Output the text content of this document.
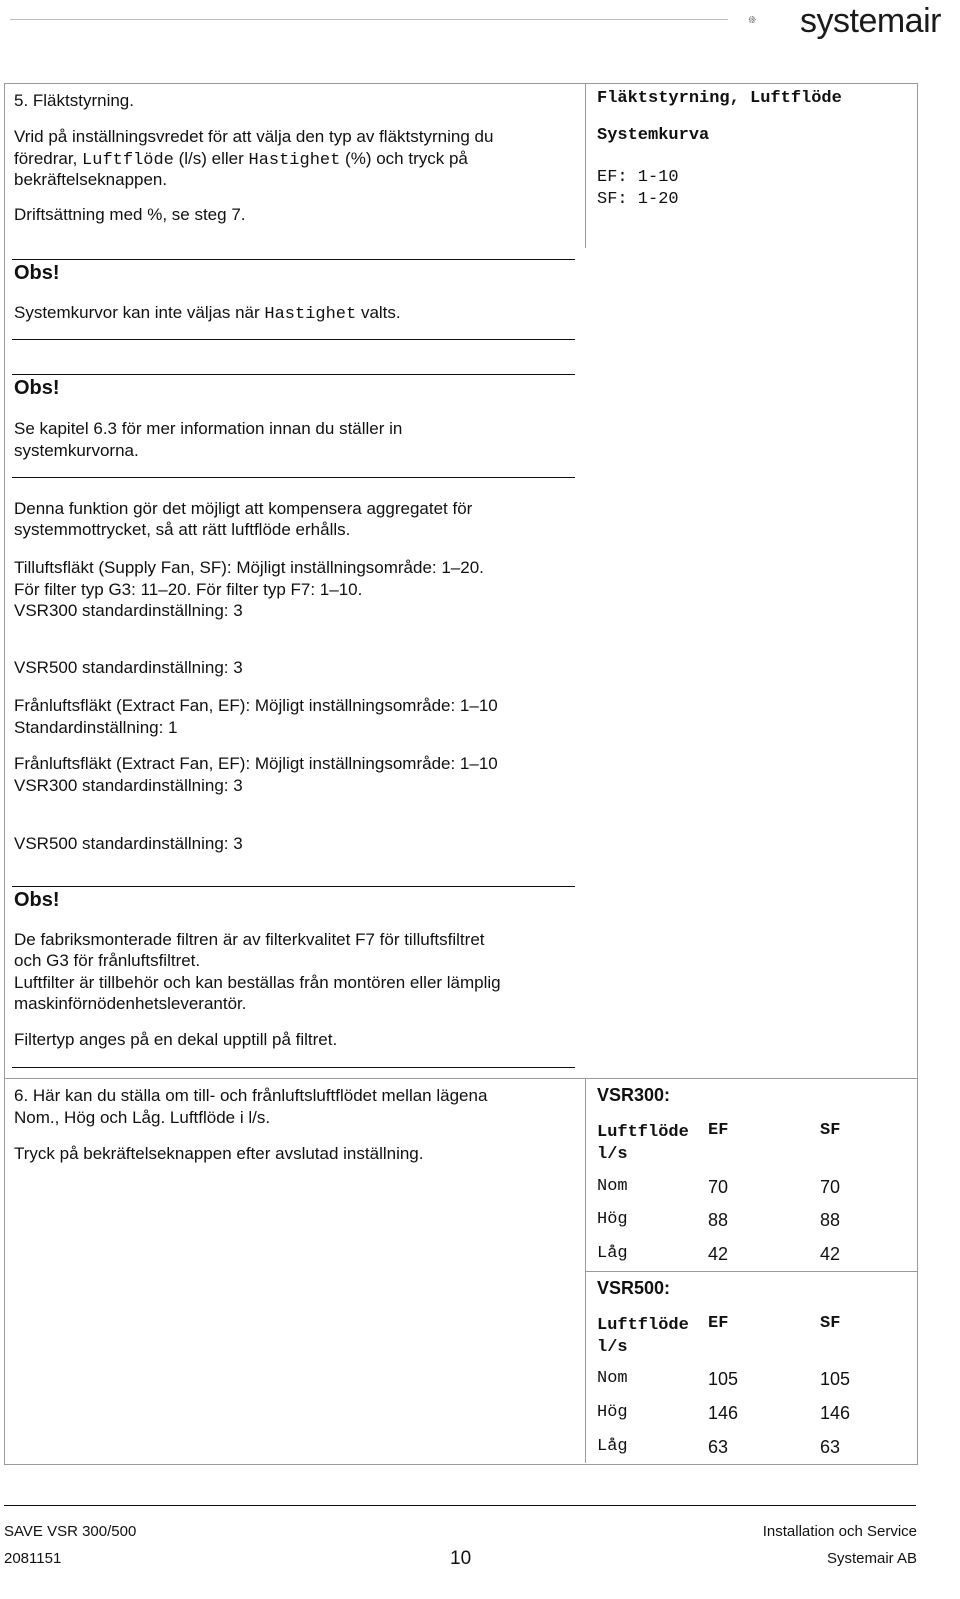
systemair
5. Fläktstyrning.
Vrid på inställningsvredet för att välja den typ av fläktstyrning du
föredrar, Luftflöde (l/s) eller Hastighet (%) och tryck på
bekräftelseknappen.
Driftsättning med %, se steg 7.
Fläktstyrning, Luftflöde
Systemkurva
EF: 1-10
SF: 1-20
Obs!
Systemkurvor kan inte väljas när Hastighet valts.
Obs!
Se kapitel 6.3 för mer information innan du ställer in
systemkurvorna.
Denna funktion gör det möjligt att kompensera aggregatet för
systemmottrycket, så att rätt luftflöde erhålls.
Tilluftsfläkt (Supply Fan, SF): Möjligt inställningsområde: 1–20.
För filter typ G3: 11–20. För filter typ F7: 1–10.
VSR300 standardinställning: 3
VSR500 standardinställning: 3
Frånluftsfläkt (Extract Fan, EF): Möjligt inställningsområde: 1–10
Standardinställning: 1
Frånluftsfläkt (Extract Fan, EF): Möjligt inställningsområde: 1–10
VSR300 standardinställning: 3
VSR500 standardinställning: 3
Obs!
De fabriksmonterade filtren är av filterkvalitet F7 för tilluftsfiltret
och G3 för frånluftsfiltret.
Luftfilter är tillbehör och kan beställas från montören eller lämplig
maskinförnödenhetsleverantör.
Filtertyp anges på en dekal upptill på filtret.
6. Här kan du ställa om till- och frånluftsluftflödet mellan lägena
Nom., Hög och Låg. Luftflöde i l/s.
Tryck på bekräftelseknappen efter avslutad inställning.
VSR300:
Luftflöde
l/s
EF	SF
Nom	70	70
Hög	88	88
Låg	42	42
VSR500:
Luftflöde
l/s
EF	SF
Nom	105	105
Hög	146	146
Låg	63	63
SAVE VSR 300/500
2081151	10
Installation och Service
Systemair AB
